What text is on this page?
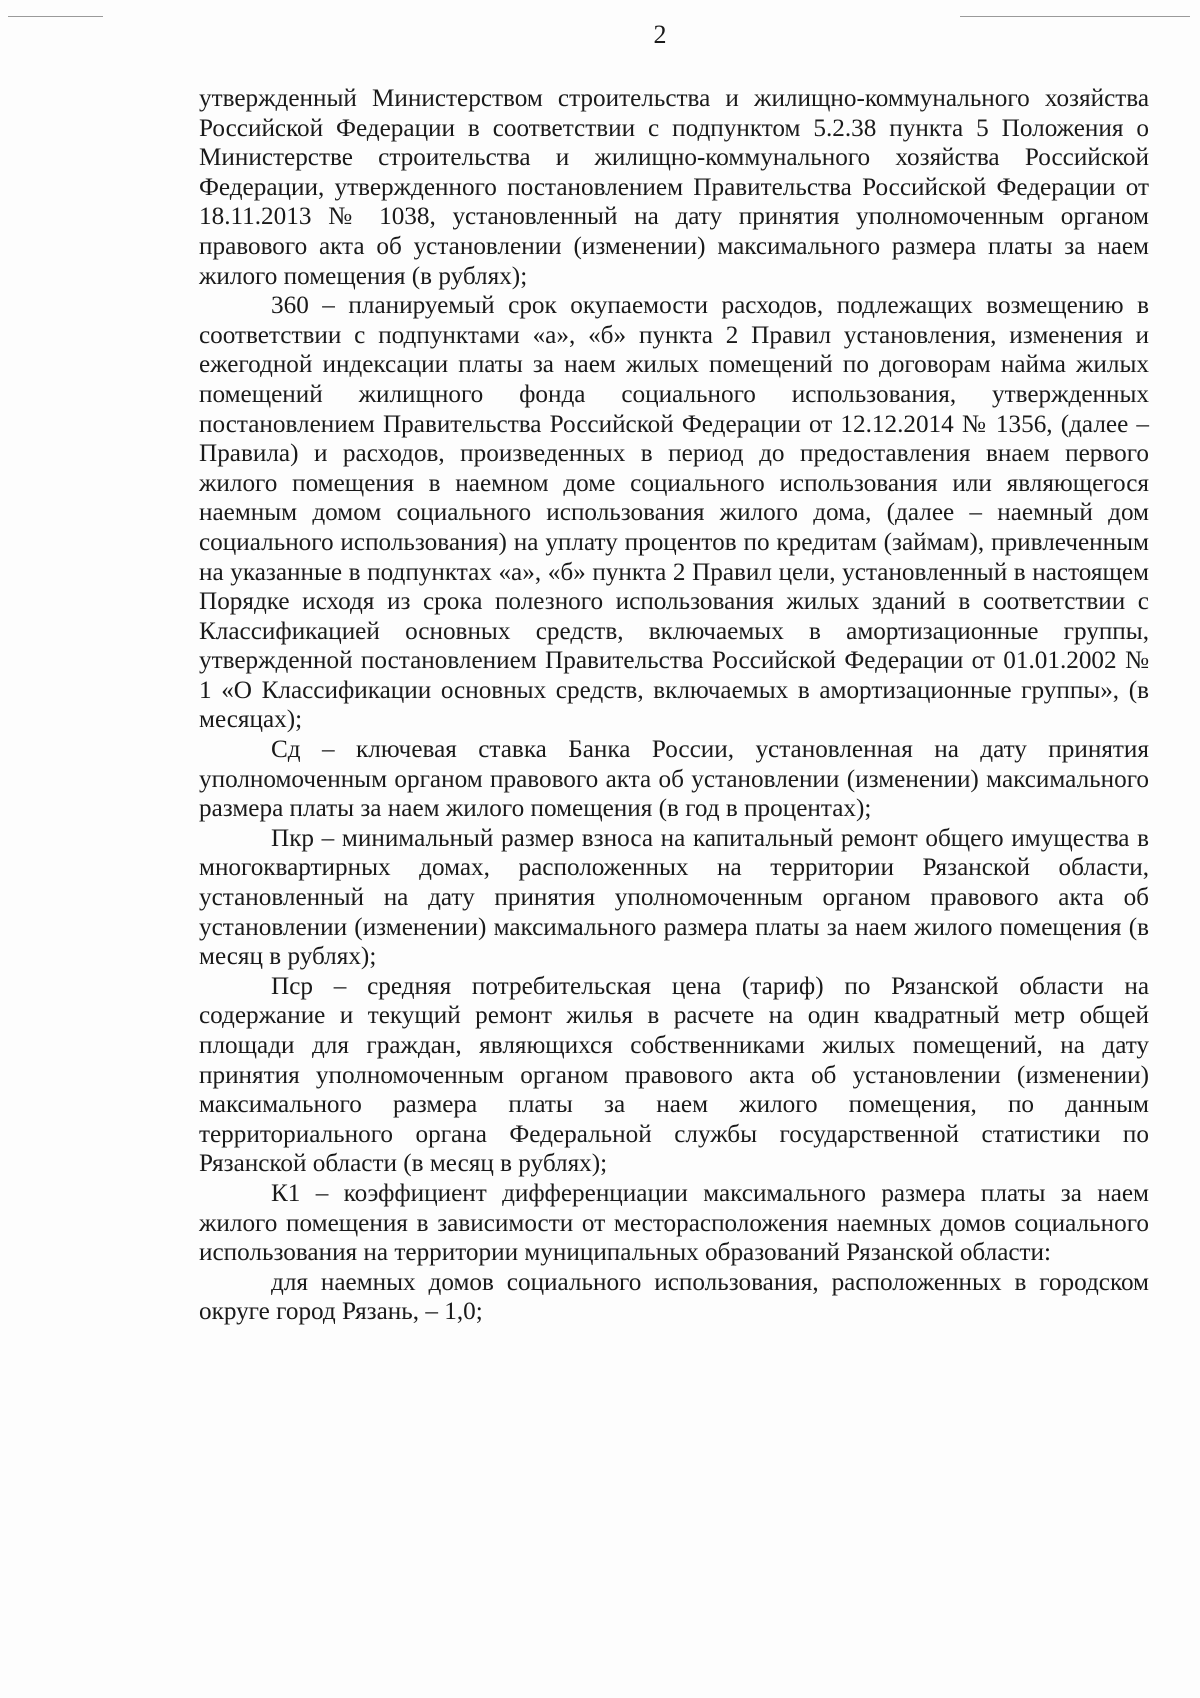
2

утвержденный Министерством строительства и жилищно-коммунального хозяйства Российской Федерации в соответствии с подпунктом 5.2.38 пункта 5 Положения о Министерстве строительства и жилищно-коммунального хозяйства Российской Федерации, утвержденного постановлением Правительства Российской Федерации от 18.11.2013 № 1038, установленный на дату принятия уполномоченным органом правового акта об установлении (изменении) максимального размера платы за наем жилого помещения (в рублях);

360 – планируемый срок окупаемости расходов, подлежащих возмещению в соответствии с подпунктами «а», «б» пункта 2 Правил установления, изменения и ежегодной индексации платы за наем жилых помещений по договорам найма жилых помещений жилищного фонда социального использования, утвержденных постановлением Правительства Российской Федерации от 12.12.2014 № 1356, (далее – Правила) и расходов, произведенных в период до предоставления внаем первого жилого помещения в наемном доме социального использования или являющегося наемным домом социального использования жилого дома, (далее – наемный дом социального использования) на уплату процентов по кредитам (займам), привлеченным на указанные в подпунктах «а», «б» пункта 2 Правил цели, установленный в настоящем Порядке исходя из срока полезного использования жилых зданий в соответствии с Классификацией основных средств, включаемых в амортизационные группы, утвержденной постановлением Правительства Российской Федерации от 01.01.2002 № 1 «О Классификации основных средств, включаемых в амортизационные группы», (в месяцах);

Сд – ключевая ставка Банка России, установленная на дату принятия уполномоченным органом правового акта об установлении (изменении) максимального размера платы за наем жилого помещения (в год в процентах);

Пкр – минимальный размер взноса на капитальный ремонт общего имущества в многоквартирных домах, расположенных на территории Рязанской области, установленный на дату принятия уполномоченным органом правового акта об установлении (изменении) максимального размера платы за наем жилого помещения (в месяц в рублях);

Пср – средняя потребительская цена (тариф) по Рязанской области на содержание и текущий ремонт жилья в расчете на один квадратный метр общей площади для граждан, являющихся собственниками жилых помещений, на дату принятия уполномоченным органом правового акта об установлении (изменении) максимального размера платы за наем жилого помещения, по данным территориального органа Федеральной службы государственной статистики по Рязанской области (в месяц в рублях);

К1 – коэффициент дифференциации максимального размера платы за наем жилого помещения в зависимости от месторасположения наемных домов социального использования на территории муниципальных образований Рязанской области:

для наемных домов социального использования, расположенных в городском округе город Рязань, – 1,0;
